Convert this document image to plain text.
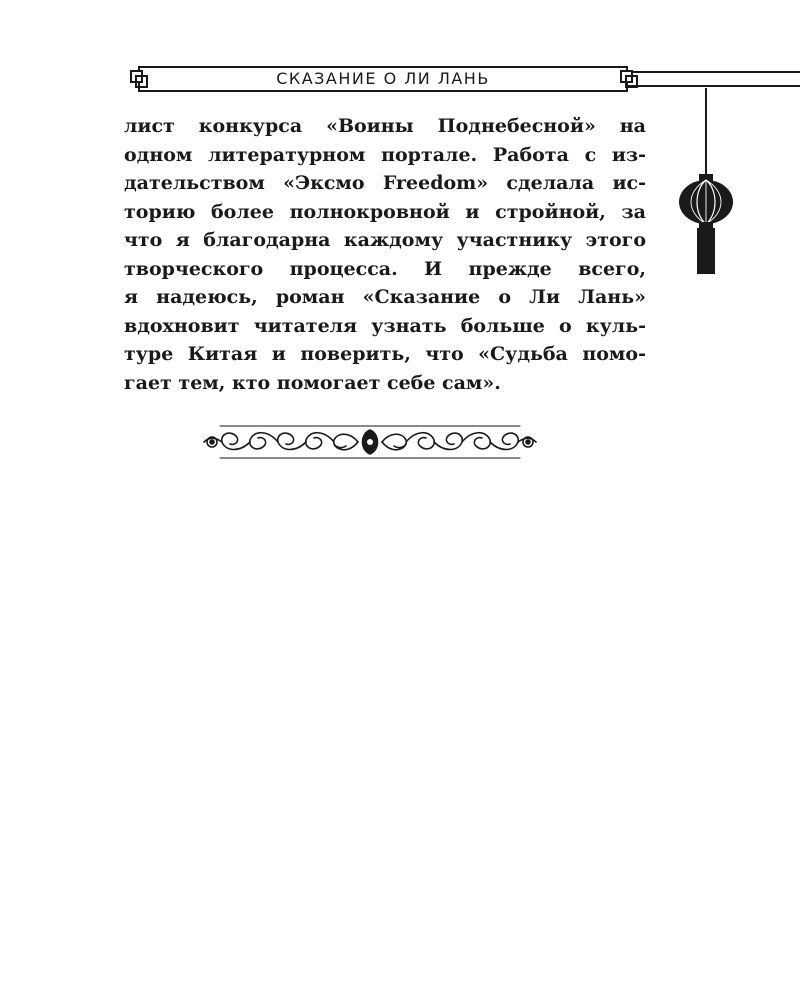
СКАЗАНИЕ О ЛИ ЛАНЬ
лист конкурса «Воины Поднебесной» на
одном литературном портале. Работа с из-
дательством «Эксмо Freedom» сделала ис-
торию более полнокровной и стройной, за
что я благодарна каждому участнику этого
творческого процесса. И прежде всего,
я надеюсь, роман «Сказание о Ли Лань»
вдохновит читателя узнать больше о куль-
туре Китая и поверить, что «Судьба помо-
гает тем, кто помогает себе сам».
